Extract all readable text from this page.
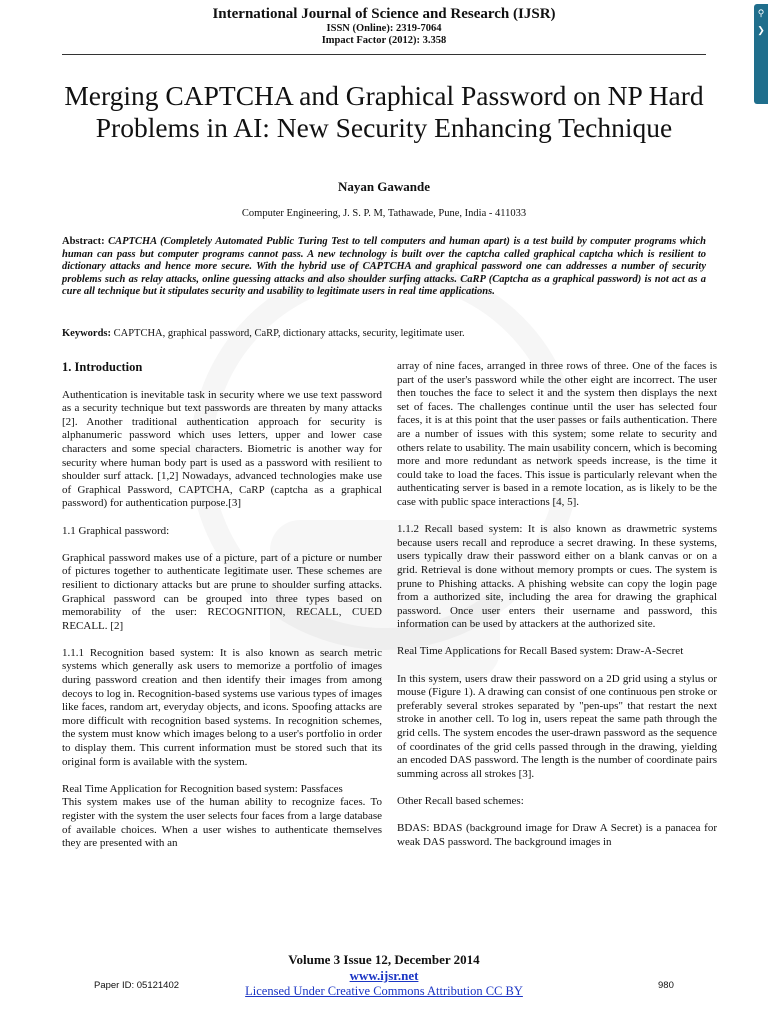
International Journal of Science and Research (IJSR)
ISSN (Online): 2319-7064
Impact Factor (2012): 3.358
⚲
❯
Merging CAPTCHA and Graphical Password on NP Hard Problems in AI: New Security Enhancing Technique
Nayan Gawande
Computer Engineering, J. S. P. M, Tathawade, Pune, India - 411033
Abstract: CAPTCHA (Completely Automated Public Turing Test to tell computers and human apart) is a test build by computer programs which human can pass but computer programs cannot pass. A new technology is built over the captcha called graphical captcha which is resilient to dictionary attacks and hence more secure. With the hybrid use of CAPTCHA and graphical password one can addresses a number of security problems such as relay attacks, online guessing attacks and also shoulder surfing attacks. CaRP (Captcha as a graphical password) is not act as a cure all technique but it stipulates security and usability to legitimate users in real time applications.
Keywords: CAPTCHA, graphical password, CaRP, dictionary attacks, security, legitimate user.
1. Introduction

Authentication is inevitable task in security where we use text password as a security technique but text passwords are threaten by many attacks [2]. Another traditional authentication approach for security is alphanumeric password which uses letters, upper and lower case characters and some special characters. Biometric is another way for security where human body part is used as a password with resilient to shoulder surf attack. [1,2] Nowadays, advanced technologies make use of Graphical Password, CAPTCHA, CaRP (captcha as a graphical password) for authentication purpose.[3]

1.1 Graphical password:

Graphical password makes use of a picture, part of a picture or number of pictures together to authenticate legitimate user. These schemes are resilient to dictionary attacks but are prune to shoulder surfing attacks. Graphical password can be grouped into three types based on memorability of the user: RECOGNITION, RECALL, CUED RECALL. [2]

1.1.1 Recognition based system: It is also known as search metric systems which generally ask users to memorize a portfolio of images during password creation and then identify their images from among decoys to log in. Recognition-based systems use various types of images like faces, random art, everyday objects, and icons. Spoofing attacks are more difficult with recognition based systems. In recognition schemes, the system must know which images belong to a user's portfolio in order to display them. This current information must be stored such that its original form is available with the system.

Real Time Application for Recognition based system: Passfaces

This system makes use of the human ability to recognize faces. To register with the system the user selects four faces from a large database of available choices. When a user wishes to authenticate themselves they are presented with an

array of nine faces, arranged in three rows of three. One of the faces is part of the user's password while the other eight are incorrect. The user then touches the face to select it and the system then displays the next set of faces. The challenges continue until the user has selected four faces, it is at this point that the user passes or fails authentication. There are a number of issues with this system; some relate to security and others relate to usability. The main usability concern, which is becoming more and more redundant as network speeds increase, is the time it could take to load the faces. This issue is particularly relevant when the authenticating server is based in a remote location, as is likely to be the case with public space interactions [4, 5].

1.1.2 Recall based system: It is also known as drawmetric systems because users recall and reproduce a secret drawing. In these systems, users typically draw their password either on a blank canvas or on a grid. Retrieval is done without memory prompts or cues. The system is prune to Phishing attacks. A phishing website can copy the login page from a authorized site, including the area for drawing the graphical password. Once user enters their username and password, this information can be used by attackers at the authorized site.

Real Time Applications for Recall Based system: Draw-A-Secret

In this system, users draw their password on a 2D grid using a stylus or mouse (Figure 1). A drawing can consist of one continuous pen stroke or preferably several strokes separated by "pen-ups" that restart the next stroke in another cell. To log in, users repeat the same path through the grid cells. The system encodes the user-drawn password as the sequence of coordinates of the grid cells passed through in the drawing, yielding an encoded DAS password. The length is the number of coordinate pairs summing across all strokes [3].

Other Recall based schemes:

BDAS: BDAS (background image for Draw A Secret) is a panacea for weak DAS password. The background images in

Volume 3 Issue 12, December 2014
www.ijsr.net
Licensed Under Creative Commons Attribution CC BY
Paper ID: 05121402	980
